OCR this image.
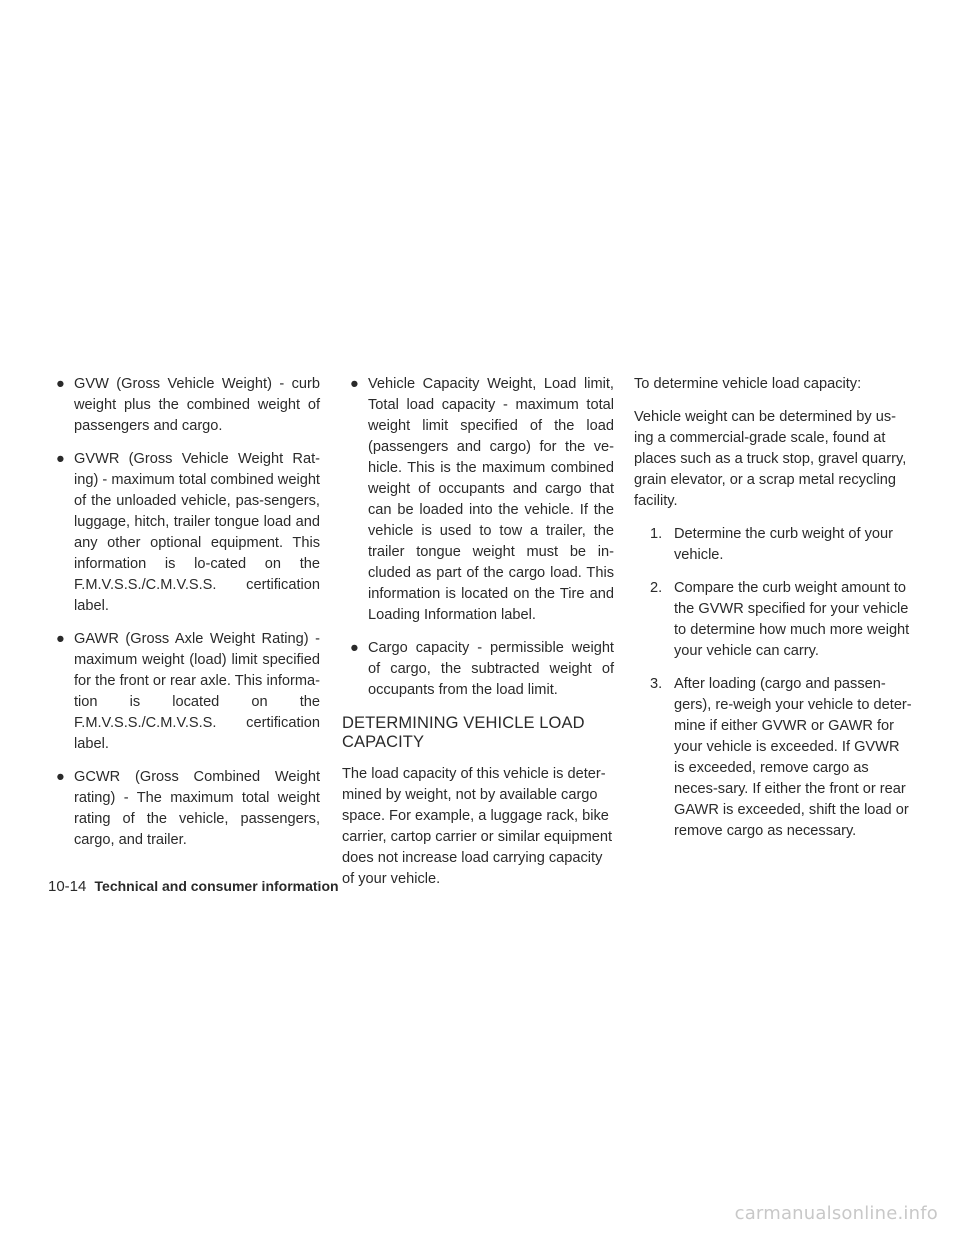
● GVW (Gross Vehicle Weight) - curb weight plus the combined weight of passengers and cargo.

● GVWR (Gross Vehicle Weight Rat-ing) - maximum total combined weight of the unloaded vehicle, pas-sengers, luggage, hitch, trailer tongue load and any other optional equipment. This information is lo-cated on the F.M.V.S.S./C.M.V.S.S. certification label.

● GAWR (Gross Axle Weight Rating) - maximum weight (load) limit specified for the front or rear axle. This informa-tion is located on the F.M.V.S.S./C.M.V.S.S. certification label.

● GCWR (Gross Combined Weight rating) - The maximum total weight rating of the vehicle, passengers, cargo, and trailer.

● Vehicle Capacity Weight, Load limit, Total load capacity - maximum total weight limit specified of the load (passengers and cargo) for the ve-hicle. This is the maximum combined weight of occupants and cargo that can be loaded into the vehicle. If the vehicle is used to tow a trailer, the trailer tongue weight must be in-cluded as part of the cargo load. This information is located on the Tire and Loading Information label.

● Cargo capacity - permissible weight of cargo, the subtracted weight of occupants from the load limit.

DETERMINING VEHICLE LOAD CAPACITY

The load capacity of this vehicle is deter-mined by weight, not by available cargo space. For example, a luggage rack, bike carrier, cartop carrier or similar equipment does not increase load carrying capacity of your vehicle.

To determine vehicle load capacity:

Vehicle weight can be determined by us-ing a commercial-grade scale, found at places such as a truck stop, gravel quarry, grain elevator, or a scrap metal recycling facility.

1. Determine the curb weight of your vehicle.

2. Compare the curb weight amount to the GVWR specified for your vehicle to determine how much more weight your vehicle can carry.

3. After loading (cargo and passen-gers), re-weigh your vehicle to deter-mine if either GVWR or GAWR for your vehicle is exceeded. If GVWR is exceeded, remove cargo as neces-sary. If either the front or rear GAWR is exceeded, shift the load or remove cargo as necessary.

10-14 Technical and consumer information
carmanualsonline.info
